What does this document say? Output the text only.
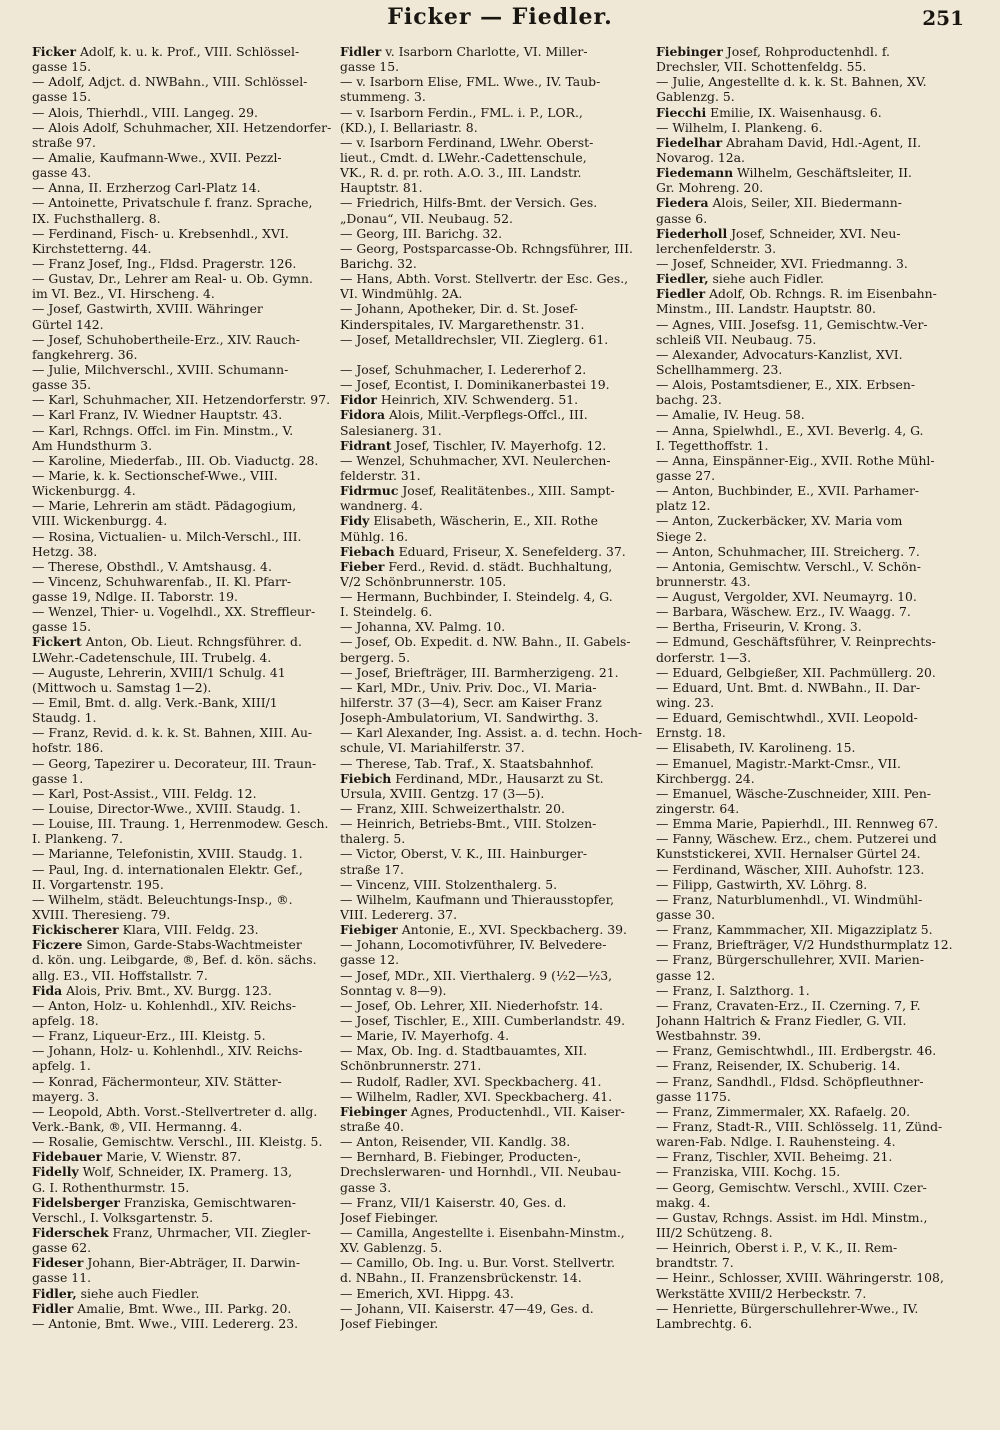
Ficker — Fiedler.	251
Ficker Adolf, k. u. k. Prof., VIII. Schlössel-
gasse 15.
— Adolf, Adjct. d. NWBahn., VIII. Schlössel-
gasse 15.
— Alois, Thierhdl., VIII. Langeg. 29.
— Alois Adolf, Schuhmacher, XII. Hetzendorfer-
straße 97.
— Amalie, Kaufmann-Wwe., XVII. Pezzl-
gasse 43.
— Anna, II. Erzherzog Carl-Platz 14.
— Antoinette, Privatschule f. franz. Sprache,
IX. Fuchsthallerg. 8.
— Ferdinand, Fisch- u. Krebsenhdl., XVI.
Kirchstetterng. 44.
— Franz Josef, Ing., Fldsd. Pragerstr. 126.
— Gustav, Dr., Lehrer am Real- u. Ob. Gymn.
im VI. Bez., VI. Hirscheng. 4.
— Josef, Gastwirth, XVIII. Währinger
Gürtel 142.
— Josef, Schuhobertheile-Erz., XIV. Rauch-
fangkehrerg. 36.
— Julie, Milchverschl., XVIII. Schumann-
gasse 35.
— Karl, Schuhmacher, XII. Hetzendorferstr. 97.
— Karl Franz, IV. Wiedner Hauptstr. 43.
— Karl, Rchngs. Offcl. im Fin. Minstm., V.
Am Hundsthurm 3.
— Karoline, Miederfab., III. Ob. Viaductg. 28.
— Marie, k. k. Sectionschef-Wwe., VIII.
Wickenburgg. 4.
— Marie, Lehrerin am städt. Pädagogium,
VIII. Wickenburgg. 4.
— Rosina, Victualien- u. Milch-Verschl., III.
Hetzg. 38.
— Therese, Obsthdl., V. Amtshausg. 4.
— Vincenz, Schuhwarenfab., II. Kl. Pfarr-
gasse 19, Ndlge. II. Taborstr. 19.
— Wenzel, Thier- u. Vogelhdl., XX. Streffleur-
gasse 15.
Fickert Anton, Ob. Lieut. Rchngsführer. d.
LWehr.-Cadetenschule, III. Trubelg. 4.
— Auguste, Lehrerin, XVIII/1 Schulg. 41
(Mittwoch u. Samstag 1—2).
— Emil, Bmt. d. allg. Verk.-Bank, XIII/1
Staudg. 1.
— Franz, Revid. d. k. k. St. Bahnen, XIII. Au-
hofstr. 186.
— Georg, Tapezirer u. Decorateur, III. Traun-
gasse 1.
— Karl, Post-Assist., VIII. Feldg. 12.
— Louise, Director-Wwe., XVIII. Staudg. 1.
— Louise, III. Traung. 1, Herrenmodew. Gesch.
I. Plankeng. 7.
— Marianne, Telefonistin, XVIII. Staudg. 1.
— Paul, Ing. d. internationalen Elektr. Gef.,
II. Vorgartenstr. 195.
— Wilhelm, städt. Beleuchtungs-Insp., ®.
XVIII. Theresieng. 79.
Fickischerer Klara, VIII. Feldg. 23.
Ficzere Simon, Garde-Stabs-Wachtmeister
d. kön. ung. Leibgarde, ®, Bef. d. kön. sächs.
allg. E3., VII. Hoffstallstr. 7.
Fida Alois, Priv. Bmt., XV. Burgg. 123.
— Anton, Holz- u. Kohlenhdl., XIV. Reichs-
apfelg. 18.
— Franz, Liqueur-Erz., III. Kleistg. 5.
— Johann, Holz- u. Kohlenhdl., XIV. Reichs-
apfelg. 1.
— Konrad, Fächermonteur, XIV. Stätter-
mayerg. 3.
— Leopold, Abth. Vorst.-Stellvertreter d. allg.
Verk.-Bank, ®, VII. Hermanng. 4.
— Rosalie, Gemischtw. Verschl., III. Kleistg. 5.
Fidebauer Marie, V. Wienstr. 87.
Fidelly Wolf, Schneider, IX. Pramerg. 13,
G. I. Rothenthurmstr. 15.
Fidelsberger Franziska, Gemischtwaren-
Verschl., I. Volksgartenstr. 5.
Fiderschek Franz, Uhrmacher, VII. Ziegler-
gasse 62.
Fideser Johann, Bier-Abträger, II. Darwin-
gasse 11.
Fidler, siehe auch Fiedler.
Fidler Amalie, Bmt. Wwe., III. Parkg. 20.
— Antonie, Bmt. Wwe., VIII. Ledererg. 23.
Fidler v. Isarborn Charlotte, VI. Miller-
gasse 15.
— v. Isarborn Elise, FML. Wwe., IV. Taub-
stummeng. 3.
— v. Isarborn Ferdin., FML. i. P., LOR.,
(KD.), I. Bellariastr. 8.
— v. Isarborn Ferdinand, LWehr. Oberst-
lieut., Cmdt. d. LWehr.-Cadettenschule,
VK., R. d. pr. roth. A.O. 3., III. Landstr.
Hauptstr. 81.
— Friedrich, Hilfs-Bmt. der Versich. Ges.
„Donau“, VII. Neubaug. 52.
— Georg, III. Barichg. 32.
— Georg, Postsparcasse-Ob. Rchngsführer, III.
Barichg. 32.
— Hans, Abth. Vorst. Stellvertr. der Esc. Ges.,
VI. Windmühlg. 2A.
— Johann, Apotheker, Dir. d. St. Josef-
Kinderspitales, IV. Margarethenstr. 31.
— Josef, Metalldrechsler, VII. Zieglerg. 61.
— Josef, Schuhmacher, I. Ledererhof 2.
— Josef, Econtist, I. Dominikanerbastei 19.
Fidor Heinrich, XIV. Schwenderg. 51.
Fidora Alois, Milit.-Verpflegs-Offcl., III.
Salesianerg. 31.
Fidrant Josef, Tischler, IV. Mayerhofg. 12.
— Wenzel, Schuhmacher, XVI. Neulerchen-
felderstr. 31.
Fidrmuc Josef, Realitätenbes., XIII. Sampt-
wandnerg. 4.
Fidy Elisabeth, Wäscherin, E., XII. Rothe
Mühlg. 16.
Fiebach Eduard, Friseur, X. Senefelderg. 37.
Fieber Ferd., Revid. d. städt. Buchhaltung,
V/2 Schönbrunnerstr. 105.
— Hermann, Buchbinder, I. Steindelg. 4, G.
I. Steindelg. 6.
— Johanna, XV. Palmg. 10.
— Josef, Ob. Expedit. d. NW. Bahn., II. Gabels-
bergerg. 5.
— Josef, Briefträger, III. Barmherzigeng. 21.
— Karl, MDr., Univ. Priv. Doc., VI. Maria-
hilferstr. 37 (3—4), Secr. am Kaiser Franz
Joseph-Ambulatorium, VI. Sandwirthg. 3.
— Karl Alexander, Ing. Assist. a. d. techn. Hoch-
schule, VI. Mariahilferstr. 37.
— Therese, Tab. Traf., X. Staatsbahnhof.
Fiebich Ferdinand, MDr., Hausarzt zu St.
Ursula, XVIII. Gentzg. 17 (3—5).
— Franz, XIII. Schweizerthalstr. 20.
— Heinrich, Betriebs-Bmt., VIII. Stolzen-
thalerg. 5.
— Victor, Oberst, V. K., III. Hainburger-
straße 17.
— Vincenz, VIII. Stolzenthalerg. 5.
— Wilhelm, Kaufmann und Thierausstopfer,
VIII. Ledererg. 37.
Fiebiger Antonie, E., XVI. Speckbacherg. 39.
— Johann, Locomotivführer, IV. Belvedere-
gasse 12.
— Josef, MDr., XII. Vierthalerg. 9 (½2—½3,
Sonntag v. 8—9).
— Josef, Ob. Lehrer, XII. Niederhofstr. 14.
— Josef, Tischler, E., XIII. Cumberlandstr. 49.
— Marie, IV. Mayerhofg. 4.
— Max, Ob. Ing. d. Stadtbauamtes, XII.
Schönbrunnerstr. 271.
— Rudolf, Radler, XVI. Speckbacherg. 41.
— Wilhelm, Radler, XVI. Speckbacherg. 41.
Fiebinger Agnes, Productenhdl., VII. Kaiser-
straße 40.
— Anton, Reisender, VII. Kandlg. 38.
— Bernhard, B. Fiebinger, Producten-,
Drechslerwaren- und Hornhdl., VII. Neubau-
gasse 3.
— Franz, VII/1 Kaiserstr. 40, Ges. d.
Josef Fiebinger.
— Camilla, Angestellte i. Eisenbahn-Minstm.,
XV. Gablenzg. 5.
— Camillo, Ob. Ing. u. Bur. Vorst. Stellvertr.
d. NBahn., II. Franzensbrückenstr. 14.
— Emerich, XVI. Hippg. 43.
— Johann, VII. Kaiserstr. 47—49, Ges. d.
Josef Fiebinger.
Fiebinger Josef, Rohproductenhdl. f.
Drechsler, VII. Schottenfeldg. 55.
— Julie, Angestellte d. k. k. St. Bahnen, XV.
Gablenzg. 5.
Fiecchi Emilie, IX. Waisenhausg. 6.
— Wilhelm, I. Plankeng. 6.
Fiedelhar Abraham David, Hdl.-Agent, II.
Novarog. 12a.
Fiedemann Wilhelm, Geschäftsleiter, II.
Gr. Mohreng. 20.
Fiedera Alois, Seiler, XII. Biedermann-
gasse 6.
Fiederholl Josef, Schneider, XVI. Neu-
lerchenfelderstr. 3.
— Josef, Schneider, XVI. Friedmanng. 3.
Fiedler, siehe auch Fidler.
Fiedler Adolf, Ob. Rchngs. R. im Eisenbahn-
Minstm., III. Landstr. Hauptstr. 80.
— Agnes, VIII. Josefsg. 11, Gemischtw.-Ver-
schleiß VII. Neubaug. 75.
— Alexander, Advocaturs-Kanzlist, XVI.
Schellhammerg. 23.
— Alois, Postamtsdiener, E., XIX. Erbsen-
bachg. 23.
— Amalie, IV. Heug. 58.
— Anna, Spielwhdl., E., XVI. Beverlg. 4, G.
I. Tegetthoffstr. 1.
— Anna, Einspänner-Eig., XVII. Rothe Mühl-
gasse 27.
— Anton, Buchbinder, E., XVII. Parhamer-
platz 12.
— Anton, Zuckerbäcker, XV. Maria vom
Siege 2.
— Anton, Schuhmacher, III. Streicherg. 7.
— Antonia, Gemischtw. Verschl., V. Schön-
brunnerstr. 43.
— August, Vergolder, XVI. Neumayrg. 10.
— Barbara, Wäschew. Erz., IV. Waagg. 7.
— Bertha, Friseurin, V. Krong. 3.
— Edmund, Geschäftsführer, V. Reinprechts-
dorferstr. 1—3.
— Eduard, Gelbgießer, XII. Pachmüllerg. 20.
— Eduard, Unt. Bmt. d. NWBahn., II. Dar-
wing. 23.
— Eduard, Gemischtwhdl., XVII. Leopold-
Ernstg. 18.
— Elisabeth, IV. Karolineng. 15.
— Emanuel, Magistr.-Markt-Cmsr., VII.
Kirchbergg. 24.
— Emanuel, Wäsche-Zuschneider, XIII. Pen-
zingerstr. 64.
— Emma Marie, Papierhdl., III. Rennweg 67.
— Fanny, Wäschew. Erz., chem. Putzerei und
Kunststickerei, XVII. Hernalser Gürtel 24.
— Ferdinand, Wäscher, XIII. Auhofstr. 123.
— Filipp, Gastwirth, XV. Löhrg. 8.
— Franz, Naturblumenhdl., VI. Windmühl-
gasse 30.
— Franz, Kammmacher, XII. Migazziplatz 5.
— Franz, Briefträger, V/2 Hundsthurmplatz 12.
— Franz, Bürgerschullehrer, XVII. Marien-
gasse 12.
— Franz, I. Salzthorg. 1.
— Franz, Cravaten-Erz., II. Czerning. 7, F.
Johann Haltrich & Franz Fiedler, G. VII.
Westbahnstr. 39.
— Franz, Gemischtwhdl., III. Erdbergstr. 46.
— Franz, Reisender, IX. Schuberig. 14.
— Franz, Sandhdl., Fldsd. Schöpfleuthner-
gasse 1175.
— Franz, Zimmermaler, XX. Rafaelg. 20.
— Franz, Stadt-R., VIII. Schlösselg. 11, Zünd-
waren-Fab. Ndlge. I. Rauhensteing. 4.
— Franz, Tischler, XVII. Beheimg. 21.
— Franziska, VIII. Kochg. 15.
— Georg, Gemischtw. Verschl., XVIII. Czer-
makg. 4.
— Gustav, Rchngs. Assist. im Hdl. Minstm.,
III/2 Schützeng. 8.
— Heinrich, Oberst i. P., V. K., II. Rem-
brandtstr. 7.
— Heinr., Schlosser, XVIII. Währingerstr. 108,
Werkstätte XVIII/2 Herbeckstr. 7.
— Henriette, Bürgerschullehrer-Wwe., IV.
Lambrechtg. 6.
